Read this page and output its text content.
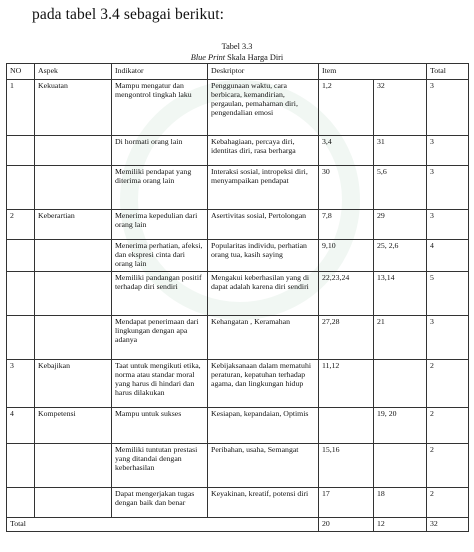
pada tabel 3.4 sebagai berikut:
Tabel 3.3
Blue Print Skala Harga Diri
NO	Aspek	Indikator	Deskriptor	Item		Total
1	Kekuatan	Mampu mengatur dan mengontrol tingkah laku	Penggunaan waktu, cara berbicara, kemandirian, pergaulan, pemahaman diri, pengendalian emosi	1,2	32	3
		Di hormati orang lain	Kebahagiaan, percaya diri, identitas diri, rasa berharga	3,4	31	3
		Memiliki pendapat yang diterima orang lain	Interaksi sosial, intropeksi diri, menyampaikan pendapat	30	5,6	3
2	Keberartian	Menerima kepedulian dari orang lain	Asertivitas sosial, Pertolongan	7,8	29	3
		Menerima perhatian, afeksi, dan ekspresi cinta dari orang lain	Popularitas individu, perhatian orang tua, kasih saying	9,10	25, 2,6	4
		Memiliki pandangan positif terhadap diri sendiri	Mengakui keberhasilan yang di dapat adalah karena diri sendiri	22,23,24	13,14	5
		Mendapat penerimaan dari lingkungan dengan apa adanya	Kehangatan , Keramahan	27,28	21	3
3	Kebajikan	Taat untuk mengikuti etika, norma atau standar moral yang harus di hindari dan harus dilakukan	Kebijaksanaan dalam mematuhi peraturan, kepatuhan terhadap agama, dan lingkungan hidup	11,12		2
4	Kompetensi	Mampu untuk sukses	Kesiapan, kepandaian, Optimis		19, 20	2
		Memiliki tuntutan prestasi yang ditandai dengan keberhasilan	Peribahan, usaha, Semangat	15,16		2
		Dapat mengerjakan tugas dengan baik dan benar	Keyakinan, kreatif, potensi diri	17	18	2
Total				20	12	32
